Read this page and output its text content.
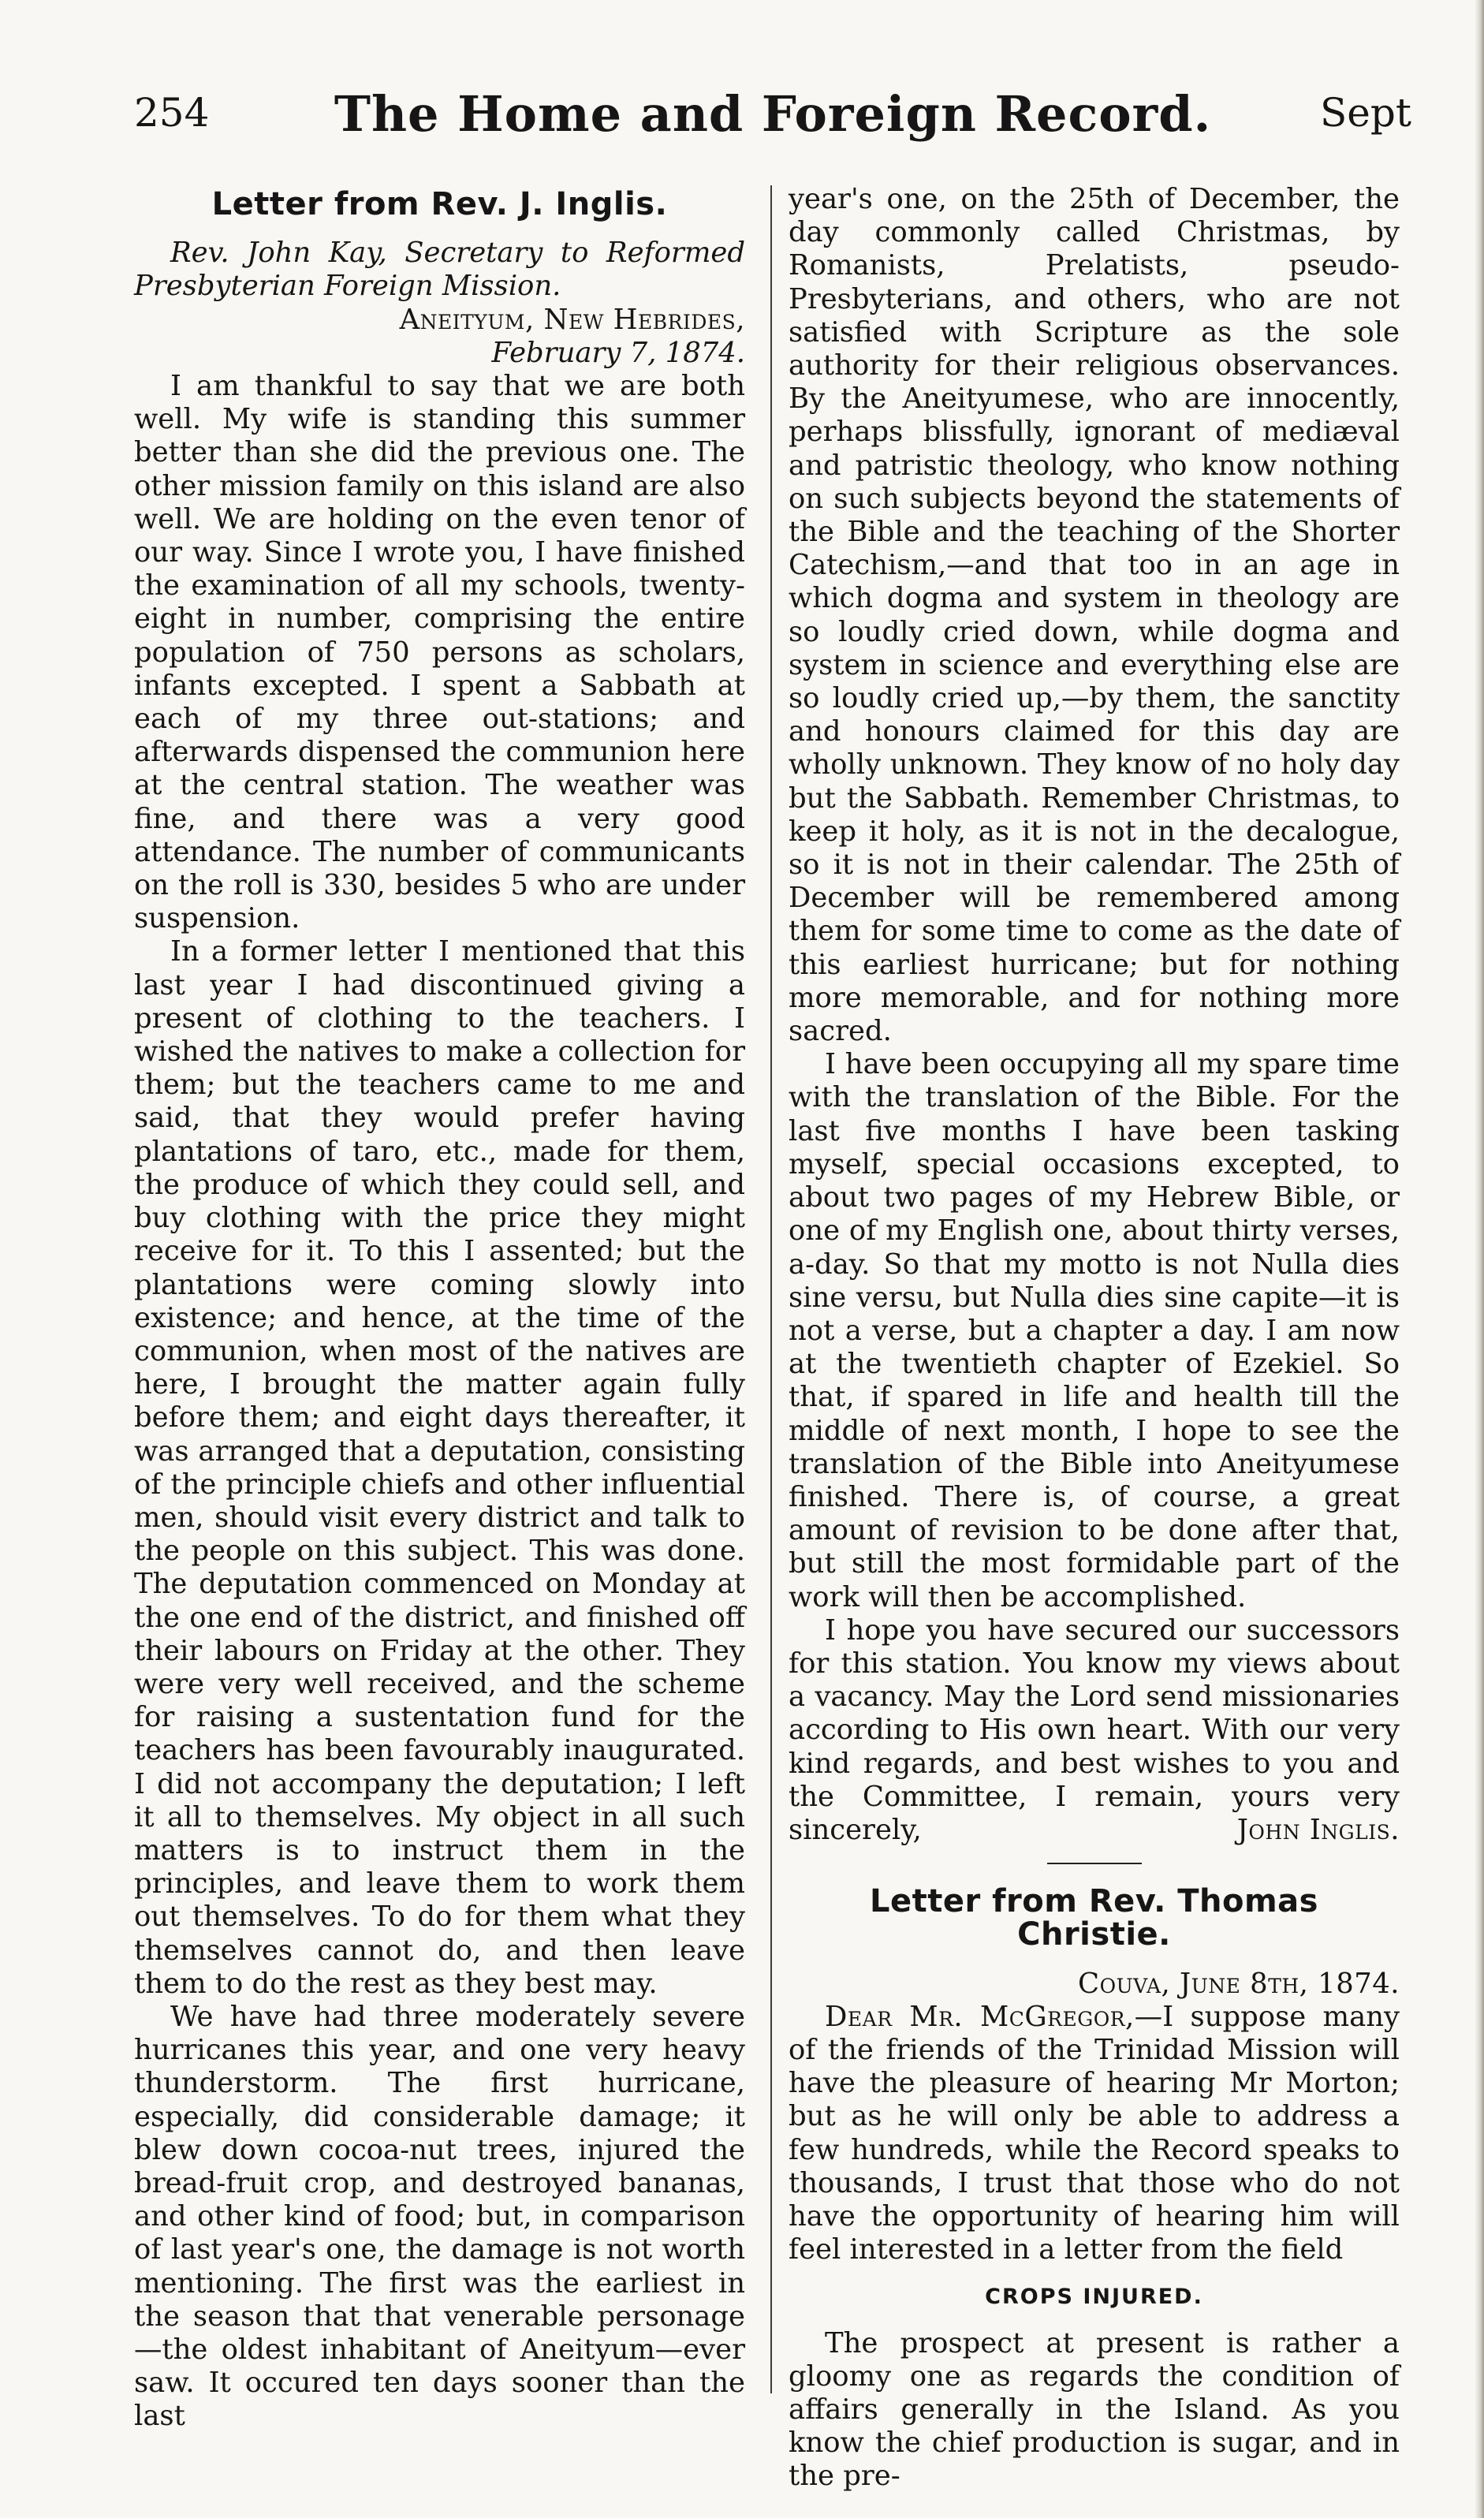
254	The Home and Foreign Record.	Sept
Letter from Rev. J. Inglis.

Rev. John Kay, Secretary to Reformed Presbyterian Foreign Mission.

Aneityum, New Hebrides,

February 7, 1874.

I am thankful to say that we are both well. My wife is standing this summer better than she did the previous one. The other mission family on this island are also well. We are holding on the even tenor of our way. Since I wrote you, I have finished the examination of all my schools, twenty-eight in number, comprising the entire population of 750 persons as scholars, infants excepted. I spent a Sabbath at each of my three out-stations; and afterwards dispensed the communion here at the central station. The weather was fine, and there was a very good attendance. The number of communicants on the roll is 330, besides 5 who are under suspension.

In a former letter I mentioned that this last year I had discontinued giving a present of clothing to the teachers. I wished the natives to make a collection for them; but the teachers came to me and said, that they would prefer having plantations of taro, etc., made for them, the produce of which they could sell, and buy clothing with the price they might receive for it. To this I assented; but the plantations were coming slowly into existence; and hence, at the time of the communion, when most of the natives are here, I brought the matter again fully before them; and eight days thereafter, it was arranged that a deputation, consisting of the principle chiefs and other influential men, should visit every district and talk to the people on this subject. This was done. The deputation commenced on Monday at the one end of the district, and finished off their labours on Friday at the other. They were very well received, and the scheme for raising a sustentation fund for the teachers has been favourably inaugurated. I did not accompany the deputation; I left it all to themselves. My object in all such matters is to instruct them in the principles, and leave them to work them out themselves. To do for them what they themselves cannot do, and then leave them to do the rest as they best may.

We have had three moderately severe hurricanes this year, and one very heavy thunderstorm. The first hurricane, especially, did considerable damage; it blew down cocoa-nut trees, injured the bread-fruit crop, and destroyed bananas, and other kind of food; but, in comparison of last year's one, the damage is not worth mentioning. The first was the earliest in the season that that venerable personage—the oldest inhabitant of Aneityum—ever saw. It occured ten days sooner than the last

year's one, on the 25th of December, the day commonly called Christmas, by Romanists, Prelatists, pseudo-Presbyterians, and others, who are not satisfied with Scripture as the sole authority for their religious observances. By the Aneityumese, who are innocently, perhaps blissfully, ignorant of mediæval and patristic theology, who know nothing on such subjects beyond the statements of the Bible and the teaching of the Shorter Catechism,—and that too in an age in which dogma and system in theology are so loudly cried down, while dogma and system in science and everything else are so loudly cried up,—by them, the sanctity and honours claimed for this day are wholly unknown. They know of no holy day but the Sabbath. Remember Christmas, to keep it holy, as it is not in the decalogue, so it is not in their calendar. The 25th of December will be remembered among them for some time to come as the date of this earliest hurricane; but for nothing more memorable, and for nothing more sacred.

I have been occupying all my spare time with the translation of the Bible. For the last five months I have been tasking myself, special occasions excepted, to about two pages of my Hebrew Bible, or one of my English one, about thirty verses, a-day. So that my motto is not Nulla dies sine versu, but Nulla dies sine capite—it is not a verse, but a chapter a day. I am now at the twentieth chapter of Ezekiel. So that, if spared in life and health till the middle of next month, I hope to see the translation of the Bible into Aneityumese finished. There is, of course, a great amount of revision to be done after that, but still the most formidable part of the work will then be accomplished.

I hope you have secured our successors for this station. You know my views about a vacancy. May the Lord send missionaries according to His own heart. With our very kind regards, and best wishes to you and the Committee, I remain, yours very sincerely,	John Inglis.

Letter from Rev. Thomas Christie.

Couva, June 8th, 1874.

Dear Mr. McGregor,—I suppose many of the friends of the Trinidad Mission will have the pleasure of hearing Mr Morton; but as he will only be able to address a few hundreds, while the Record speaks to thousands, I trust that those who do not have the opportunity of hearing him will feel interested in a letter from the field

CROPS INJURED.

The prospect at present is rather a gloomy one as regards the condition of affairs generally in the Island. As you know the chief production is sugar, and in the pre-
